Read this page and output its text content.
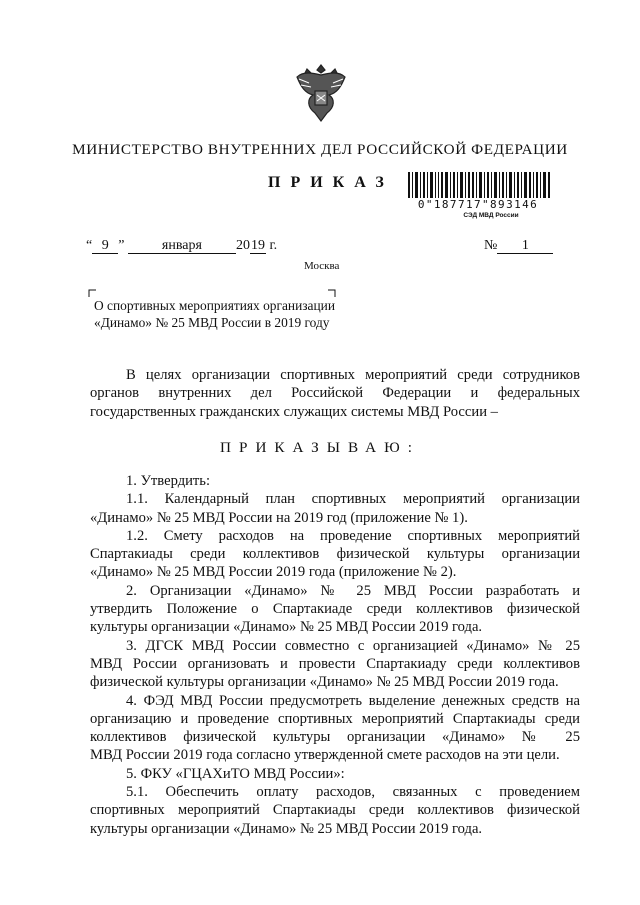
МИНИСТЕРСТВО ВНУТРЕННИХ ДЕЛ РОССИЙСКОЙ ФЕДЕРАЦИИ
ПРИКАЗ
0"187717"893146
СЭД МВД России
“ 9 ”	января 2019 г.	№ 1
Москва
О спортивных мероприятиях организации
«Динамо» № 25 МВД России в 2019 году
В целях организации спортивных мероприятий среди сотрудников
органов внутренних дел Российской Федерации и федеральных
государственных гражданских служащих системы МВД России –
ПРИКАЗЫВАЮ:
1. Утвердить:
1.1. Календарный план спортивных мероприятий организации
«Динамо» № 25 МВД России на 2019 год (приложение № 1).
1.2. Смету расходов на проведение спортивных мероприятий
Спартакиады среди коллективов физической культуры организации
«Динамо» № 25 МВД России 2019 года (приложение № 2).
2. Организации «Динамо» № 25 МВД России разработать и
утвердить Положение о Спартакиаде среди коллективов физической
культуры организации «Динамо» № 25 МВД России 2019 года.
3. ДГСК МВД России совместно с организацией «Динамо» № 25
МВД России организовать и провести Спартакиаду среди коллективов
физической культуры организации «Динамо» № 25 МВД России 2019 года.
4. ФЭД МВД России предусмотреть выделение денежных средств на
организацию и проведение спортивных мероприятий Спартакиады среди
коллективов физической культуры организации «Динамо» № 25
МВД России 2019 года согласно утвержденной смете расходов на эти цели.
5. ФКУ «ГЦАХиТО МВД России»:
5.1. Обеспечить оплату расходов, связанных с проведением
спортивных мероприятий Спартакиады среди коллективов физической
культуры организации «Динамо» № 25 МВД России 2019 года.
